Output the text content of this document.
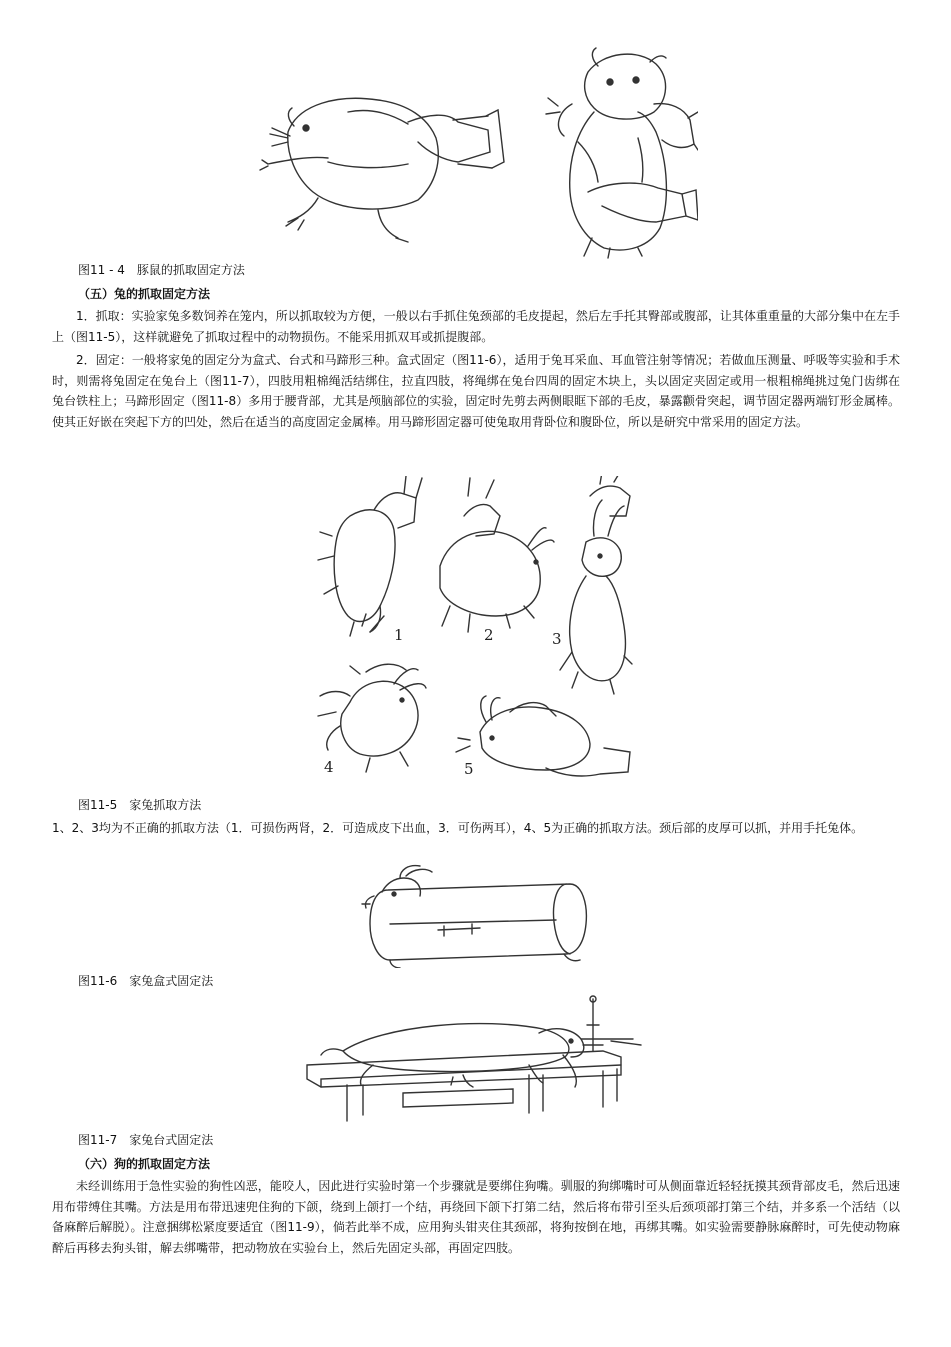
图11 - 4　豚鼠的抓取固定方法
（五）兔的抓取固定方法

1．抓取：实验家兔多数饲养在笼内，所以抓取较为方便，一般以右手抓住兔颈部的毛皮提起，然后左手托其臀部或腹部，让其体重重量的大部分集中在左手上（图11-5），这样就避免了抓取过程中的动物损伤。不能采用抓双耳或抓提腹部。

2．固定：一般将家兔的固定分为盒式、台式和马蹄形三种。盒式固定（图11-6），适用于兔耳采血、耳血管注射等情况；若做血压测量、呼吸等实验和手术时，则需将兔固定在兔台上（图11-7），四肢用粗棉绳活结绑住，拉直四肢，将绳绑在兔台四周的固定木块上，头以固定夹固定或用一根粗棉绳挑过兔门齿绑在兔台铁柱上；马蹄形固定（图11-8）多用于腰背部，尤其是颅脑部位的实验，固定时先剪去两侧眼眶下部的毛皮，暴露颧骨突起，调节固定器两端钉形金属棒。使其正好嵌在突起下方的凹处，然后在适当的高度固定金属棒。用马蹄形固定器可使兔取用背卧位和腹卧位，所以是研究中常采用的固定方法。

3
1	2
4	5
图11-5　家兔抓取方法

1、2、3均为不正确的抓取方法（1．可损伤两肾，2．可造成皮下出血，3．可伤两耳），4、5为正确的抓取方法。颈后部的皮厚可以抓，并用手托兔体。

图11-6　家兔盒式固定法
图11-7　家兔台式固定法
（六）狗的抓取固定方法

未经训练用于急性实验的狗性凶恶，能咬人，因此进行实验时第一个步骤就是要绑住狗嘴。驯服的狗绑嘴时可从侧面靠近轻轻抚摸其颈背部皮毛，然后迅速用布带缚住其嘴。方法是用布带迅速兜住狗的下颌，绕到上颌打一个结，再绕回下颌下打第二结，然后将布带引至头后颈项部打第三个结，并多系一个活结（以备麻醉后解脱）。注意捆绑松紧度要适宜（图11-9），倘若此举不成，应用狗头钳夹住其颈部，将狗按倒在地，再绑其嘴。如实验需要静脉麻醉时，可先使动物麻醉后再移去狗头钳，解去绑嘴带，把动物放在实验台上，然后先固定头部，再固定四肢。
